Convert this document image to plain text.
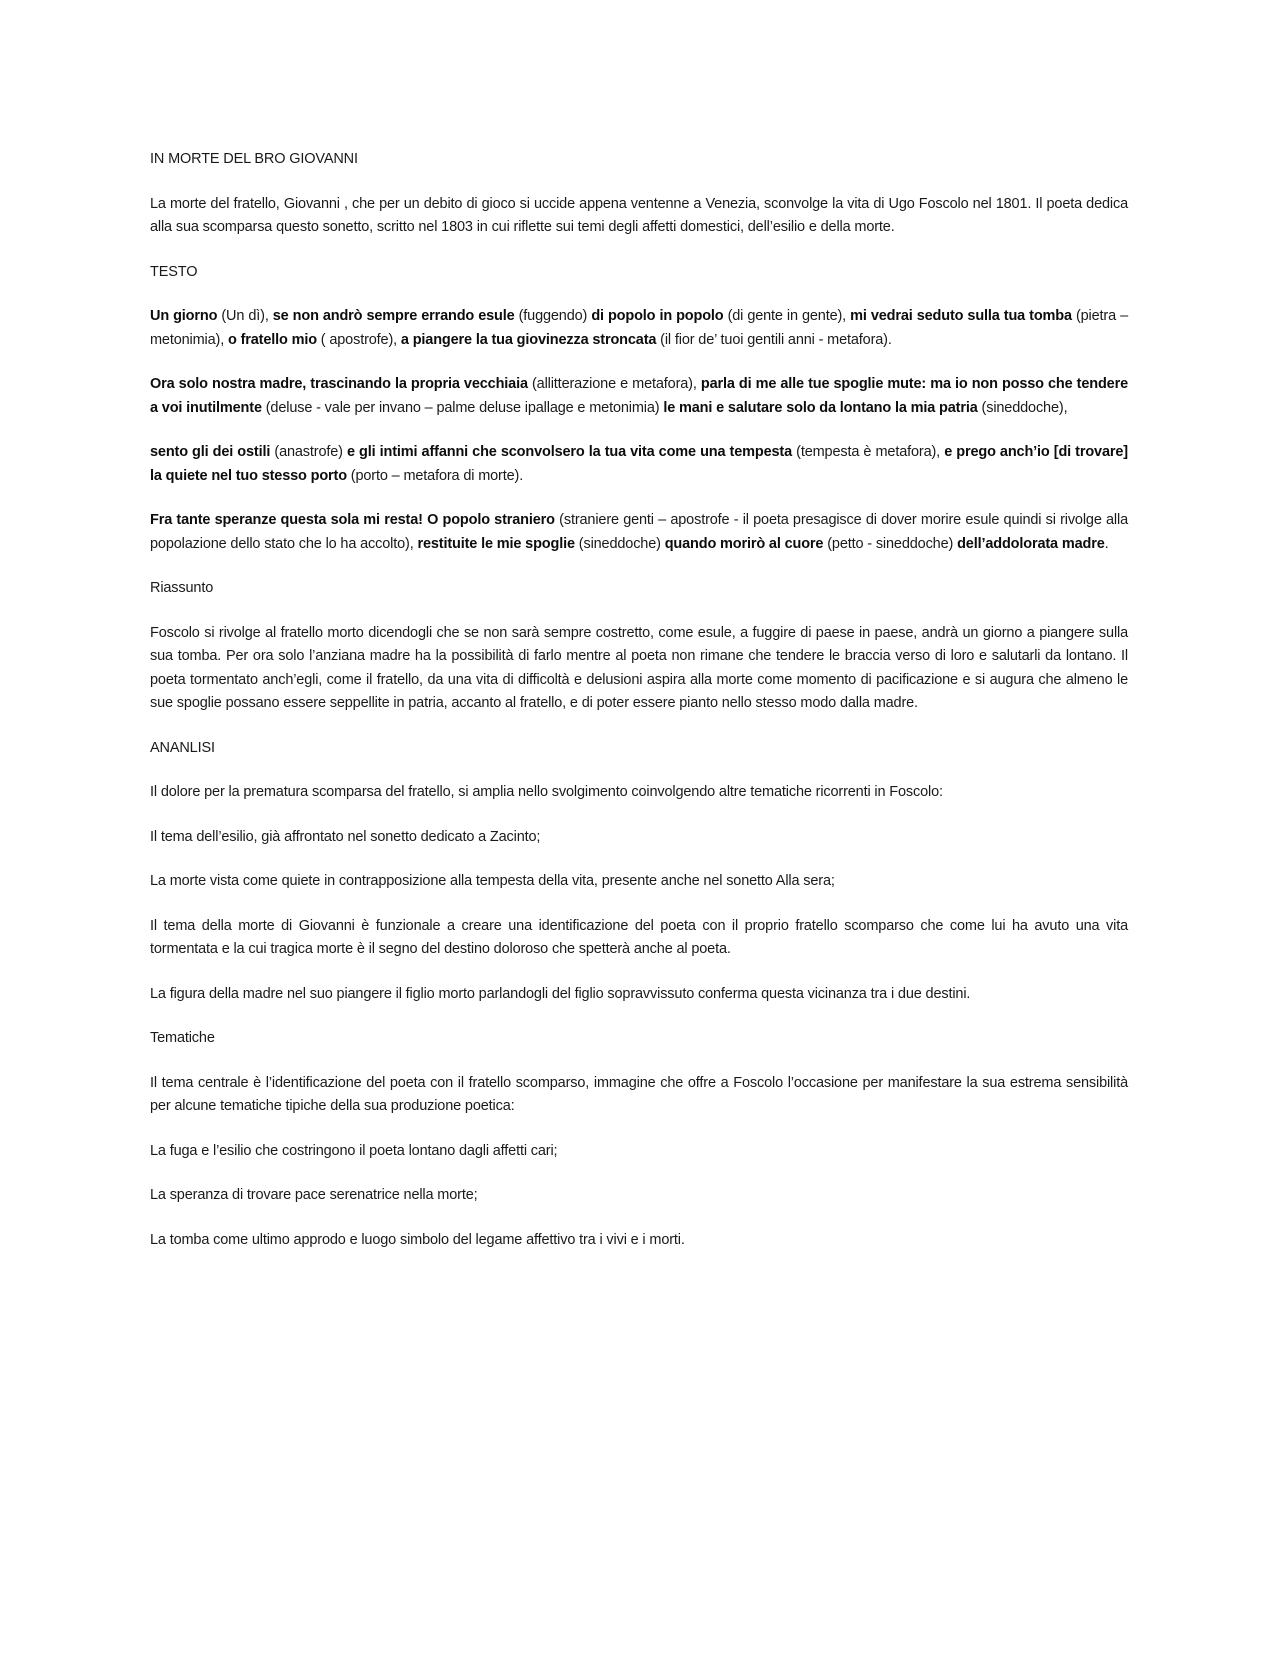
IN MORTE DEL BRO GIOVANNI

La morte del fratello, Giovanni , che per un debito di gioco si uccide appena ventenne a Venezia, sconvolge la vita di Ugo Foscolo nel 1801. Il poeta dedica alla sua scomparsa questo sonetto, scritto nel 1803 in cui riflette sui temi degli affetti domestici, dell’esilio e della morte.

TESTO

Un giorno (Un dì), se non andrò sempre errando esule (fuggendo) di popolo in popolo (di gente in gente), mi vedrai seduto sulla tua tomba (pietra – metonimia), o fratello mio ( apostrofe), a piangere la tua giovinezza stroncata (il fior de’ tuoi gentili anni - metafora).

Ora solo nostra madre, trascinando la propria vecchiaia (allitterazione e metafora), parla di me alle tue spoglie mute: ma io non posso che tendere a voi inutilmente (deluse - vale per invano – palme deluse ipallage e metonimia) le mani e salutare solo da lontano la mia patria (sineddoche),

sento gli dei ostili (anastrofe) e gli intimi affanni che sconvolsero la tua vita come una tempesta (tempesta è metafora), e prego anch’io [di trovare] la quiete nel tuo stesso porto (porto – metafora di morte).

Fra tante speranze questa sola mi resta! O popolo straniero (straniere genti – apostrofe - il poeta presagisce di dover morire esule quindi si rivolge alla popolazione dello stato che lo ha accolto), restituite le mie spoglie (sineddoche) quando morirò al cuore (petto - sineddoche) dell’addolorata madre.

Riassunto

Foscolo si rivolge al fratello morto dicendogli che se non sarà sempre costretto, come esule, a fuggire di paese in paese, andrà un giorno a piangere sulla sua tomba. Per ora solo l’anziana madre ha la possibilità di farlo mentre al poeta non rimane che tendere le braccia verso di loro e salutarli da lontano. Il poeta tormentato anch’egli, come il fratello, da una vita di difficoltà e delusioni aspira alla morte come momento di pacificazione e si augura che almeno le sue spoglie possano essere seppellite in patria, accanto al fratello, e di poter essere pianto nello stesso modo dalla madre.

ANANLISI

Il dolore per la prematura scomparsa del fratello, si amplia nello svolgimento coinvolgendo altre tematiche ricorrenti in Foscolo:

Il tema dell’esilio, già affrontato nel sonetto dedicato a Zacinto;

La morte vista come quiete in contrapposizione alla tempesta della vita, presente anche nel sonetto Alla sera;

Il tema della morte di Giovanni è funzionale a creare una identificazione del poeta con il proprio fratello scomparso che come lui ha avuto una vita tormentata e la cui tragica morte è il segno del destino doloroso che spetterà anche al poeta.

La figura della madre nel suo piangere il figlio morto parlandogli del figlio sopravvissuto conferma questa vicinanza tra i due destini.

Tematiche

Il tema centrale è l’identificazione del poeta con il fratello scomparso, immagine che offre a Foscolo l’occasione per manifestare la sua estrema sensibilità per alcune tematiche tipiche della sua produzione poetica:

La fuga e l’esilio che costringono il poeta lontano dagli affetti cari;

La speranza di trovare pace serenatrice nella morte;

La tomba come ultimo approdo e luogo simbolo del legame affettivo tra i vivi e i morti.
